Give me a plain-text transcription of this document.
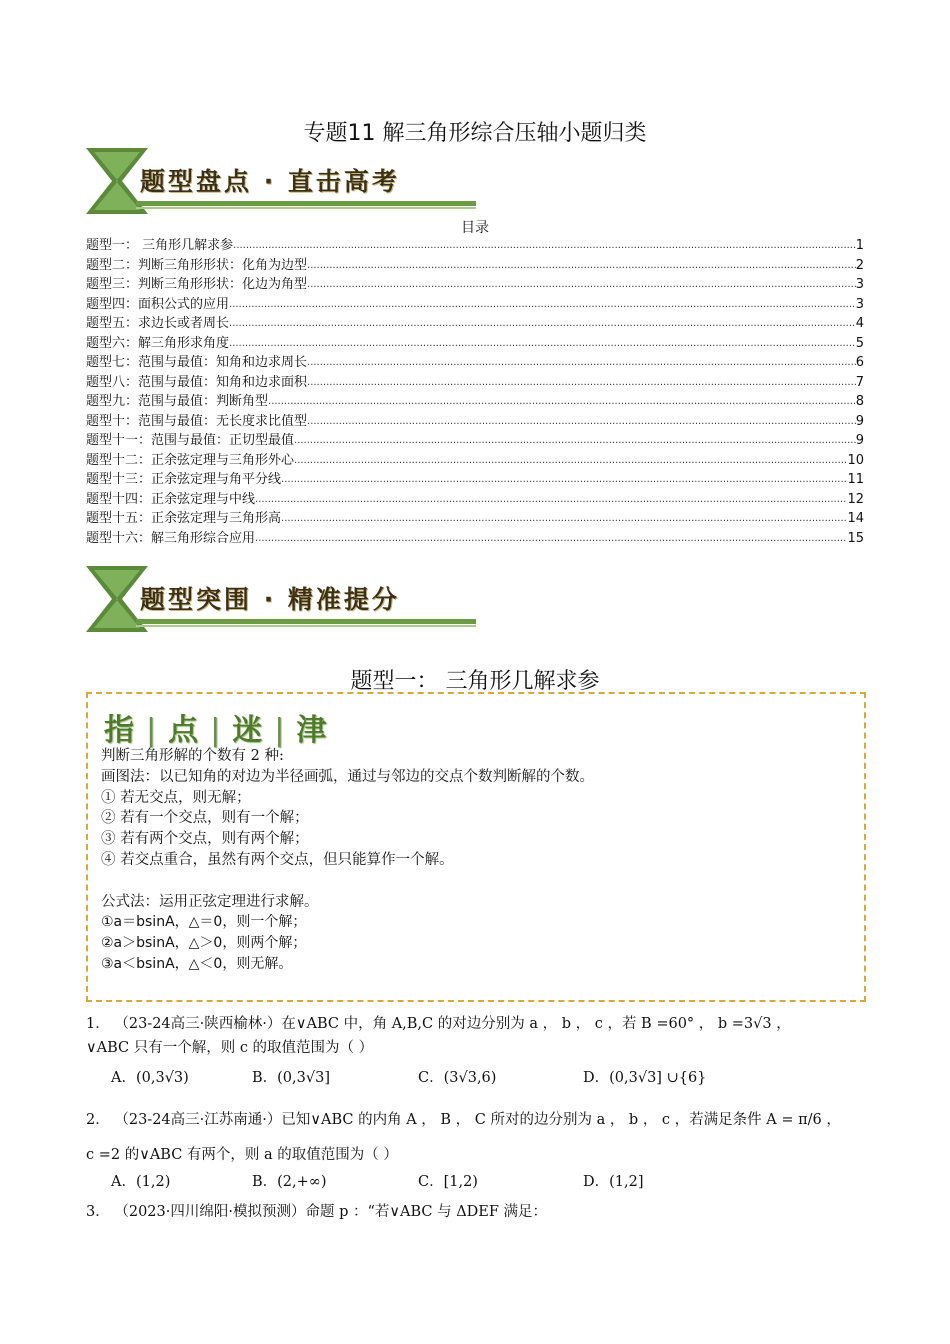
专题11 解三角形综合压轴小题归类
题型盘点 · 直击高考
目录
题型一： 三角形几解求参 .....	1
题型二：判断三角形形状：化角为边型 .....	2
题型三：判断三角形形状：化边为角型 .....	3
题型四：面积公式的应用 .....	3
题型五：求边长或者周长 .....	4
题型六：解三角形求角度 .....	5
题型七：范围与最值：知角和边求周长 .....	6
题型八：范围与最值：知角和边求面积 .....	7
题型九：范围与最值：判断角型 .....	8
题型十：范围与最值：无长度求比值型 .....	9
题型十一：范围与最值：正切型最值 .....	9
题型十二：正余弦定理与三角形外心 .....	10
题型十三：正余弦定理与角平分线 .....	11
题型十四：正余弦定理与中线 .....	12
题型十五：正余弦定理与三角形高 .....	14
题型十六：解三角形综合应用 .....	15
题型突围 · 精准提分
题型一： 三角形几解求参
指 | 点 | 迷 | 津
判断三角形解的个数有 2 种:
画图法：以已知角的对边为半径画弧，通过与邻边的交点个数判断解的个数。
① 若无交点，则无解；
② 若有一个交点，则有一个解；
③ 若有两个交点，则有两个解；
④ 若交点重合，虽然有两个交点，但只能算作一个解。
公式法：运用正弦定理进行求解。
①a＝bsinA，△＝0，则一个解；
②a＞bsinA，△＞0，则两个解；
③a＜bsinA，△＜0，则无解。
1． （23-24高三·陕西榆林·）在∨ABC 中，角 A,B,C 的对边分别为 a ， b ， c ，若 B =60° ， b =3√3 ，
∨ABC 只有一个解，则 c 的取值范围为（ ）
A．(0,3√3)	B．(0,3√3]	C．(3√3,6)	D．(0,3√3] ∪{6}
2． （23-24高三·江苏南通·）已知∨ABC 的内角 A ， B ， C 所对的边分别为 a ， b ， c ，若满足条件 A = π/6 ，
c =2 的∨ABC 有两个，则 a 的取值范围为（ ）
A．(1,2)	B．(2,+∞)	C．[1,2)	D．(1,2]
3． （2023·四川绵阳·模拟预测）命题 p ：“若∨ABC 与 ΔDEF 满足：
